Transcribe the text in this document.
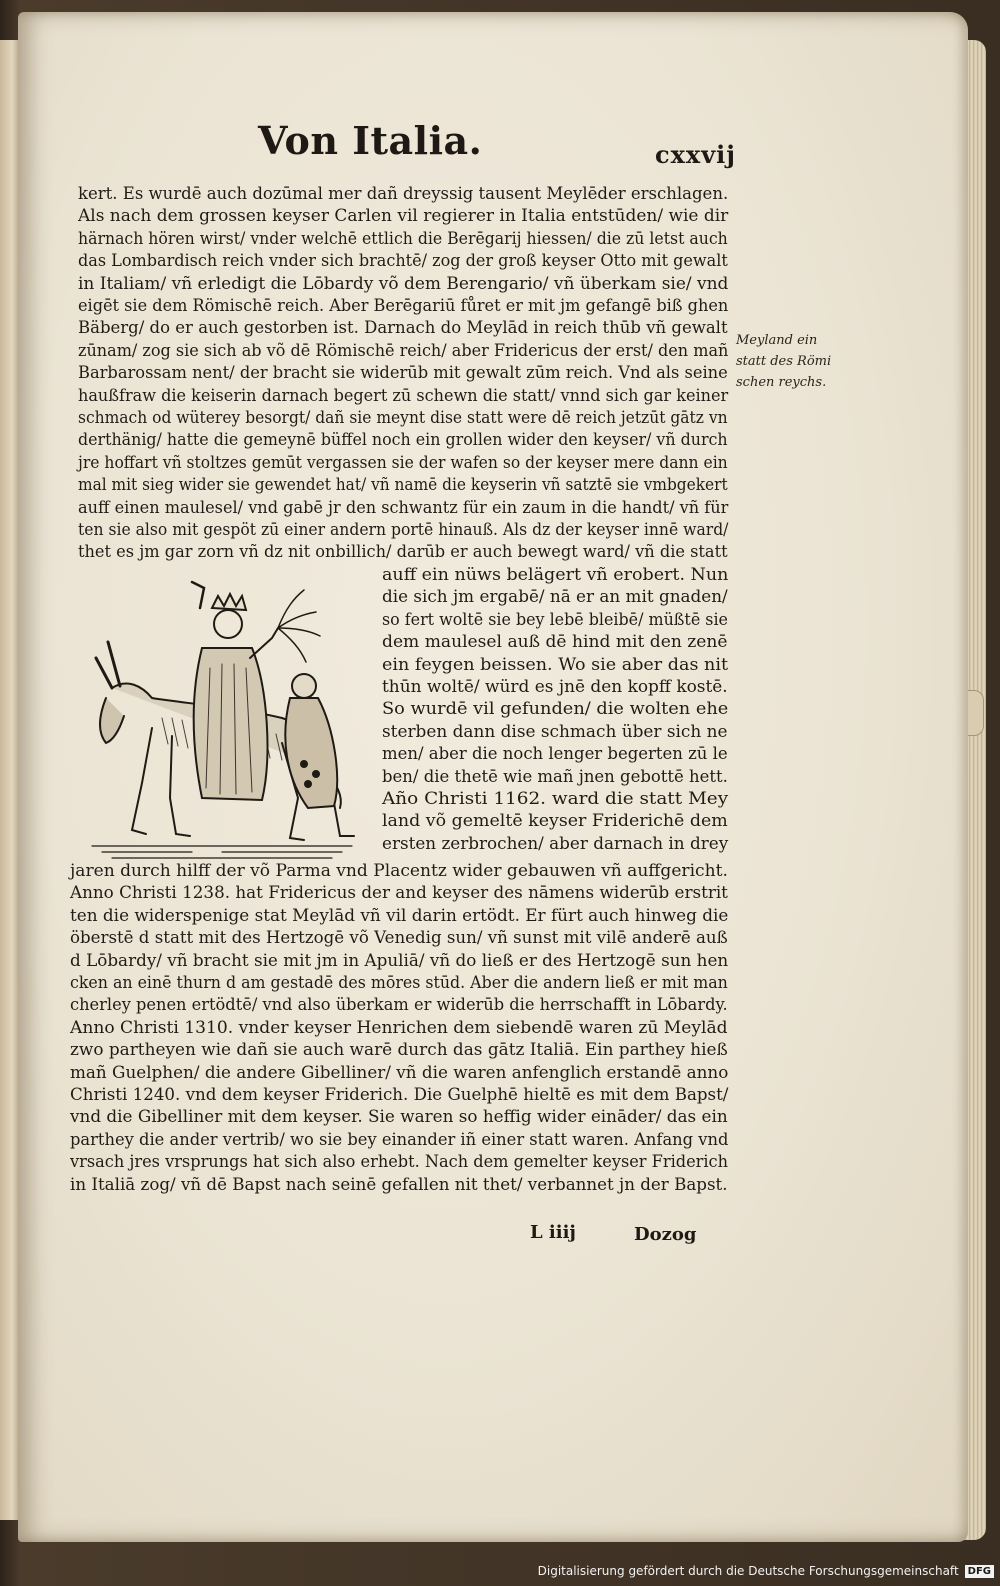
Von Italia.	cxxvij
kert. Es wurdē auch dozūmal mer dañ dreyssig tausent Meylēder erschlagen.
Als nach dem grossen keyser Carlen vil regierer in Italia entstūden/ wie dir
härnach hören wirst/ vnder welchē ettlich die Berēgarij hiessen/ die zū letst auch
das Lombardisch reich vnder sich brachtē/ zog der groß keyser Otto mit gewalt
in Italiam/ vñ erledigt die Lōbardy võ dem Berengario/ vñ überkam sie/ vnd
eigēt sie dem Römischē reich. Aber Berēgariū fůret er mit jm gefangē biß ghen
Bäberg/ do er auch gestorben ist. Darnach do Meylād in reich thūb vñ gewalt
zūnam/ zog sie sich ab võ dē Römischē reich/ aber Fridericus der erst/ den mañ
Barbarossam nent/ der bracht sie widerūb mit gewalt zūm reich. Vnd als seine
haußfraw die keiserin darnach begert zū schewn die statt/ vnnd sich gar keiner
schmach od wüterey besorgt/ dañ sie meynt dise statt were dē reich jetzūt gātz vn
derthänig/ hatte die gemeynē büffel noch ein grollen wider den keyser/ vñ durch
jre hoffart vñ stoltzes gemūt vergassen sie der wafen so der keyser mere dann ein
mal mit sieg wider sie gewendet hat/ vñ namē die keyserin vñ satztē sie vmbgekert
auff einen maulesel/ vnd gabē jr den schwantz für ein zaum in die handt/ vñ für
ten sie also mit gespöt zū einer andern portē hinauß. Als dz der keyser innē ward/
thet es jm gar zorn vñ dz nit onbillich/ darūb er auch bewegt ward/ vñ die statt
auff ein nüws belägert vñ erobert. Nun
die sich jm ergabē/ nā er an mit gnaden/
so fert woltē sie bey lebē bleibē/ müßtē sie
dem maulesel auß dē hind mit den zenē
ein feygen beissen. Wo sie aber das nit
thūn woltē/ würd es jnē den kopff kostē.
So wurdē vil gefunden/ die wolten ehe
sterben dann dise schmach über sich ne
men/ aber die noch lenger begerten zū le
ben/ die thetē wie mañ jnen gebottē hett.
Año Christi 1162. ward die statt Mey
land võ gemeltē keyser Friderichē dem
ersten zerbrochen/ aber darnach in drey
jaren durch hilff der võ Parma vnd Placentz wider gebauwen vñ auffgericht.
Anno Christi 1238. hat Fridericus der and keyser des nāmens widerūb erstrit
ten die widerspenige stat Meylād vñ vil darin ertödt. Er fürt auch hinweg die
öberstē d statt mit des Hertzogē võ Venedig sun/ vñ sunst mit vilē anderē auß
d Lōbardy/ vñ bracht sie mit jm in Apuliā/ vñ do ließ er des Hertzogē sun hen
cken an einē thurn d am gestadē des mōres stūd. Aber die andern ließ er mit man
cherley penen ertödtē/ vnd also überkam er widerūb die herrschafft in Lōbardy.
Anno Christi 1310. vnder keyser Henrichen dem siebendē waren zū Meylād
zwo partheyen wie dañ sie auch warē durch das gātz Italiā. Ein parthey hieß
mañ Guelphen/ die andere Gibelliner/ vñ die waren anfenglich erstandē anno
Christi 1240. vnd dem keyser Friderich. Die Guelphē hieltē es mit dem Bapst/
vnd die Gibelliner mit dem keyser. Sie waren so heffig wider eināder/ das ein
parthey die ander vertrib/ wo sie bey einander iñ einer statt waren. Anfang vnd
vrsach jres vrsprungs hat sich also erhebt. Nach dem gemelter keyser Friderich
in Italiā zog/ vñ dē Bapst nach seinē gefallen nit thet/ verbannet jn der Bapst.
Meyland ein
statt des Römi
schen reychs.
L iiij	Dozog
Digitalisierung gefördert durch die Deutsche Forschungsgemeinschaft DFG
